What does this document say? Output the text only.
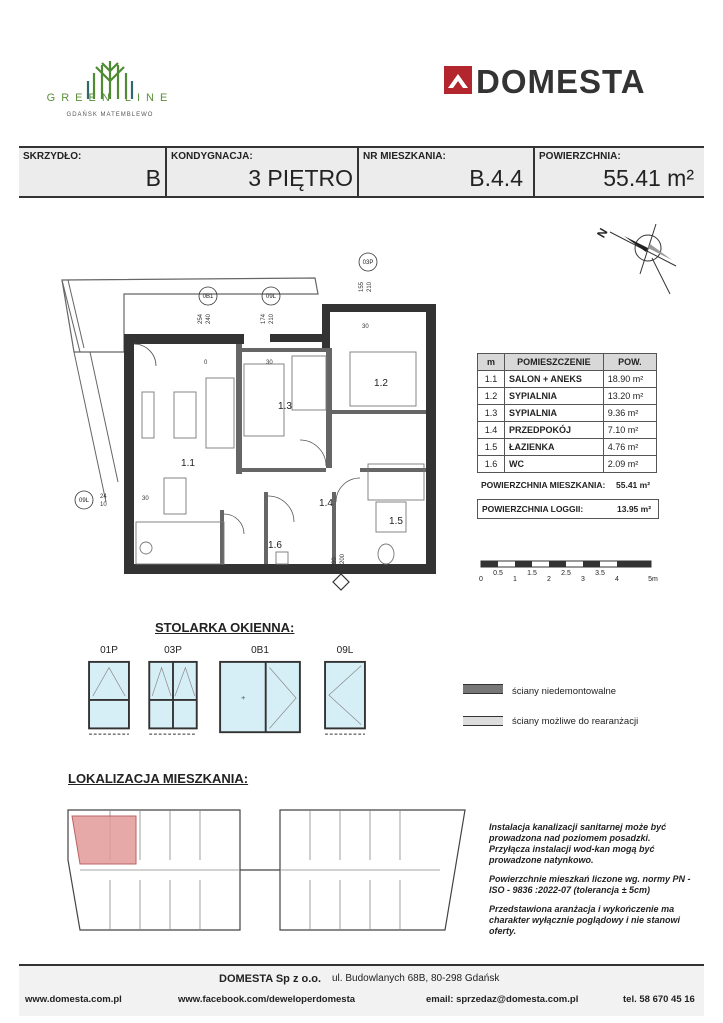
GREEN LINE
GDAŃSK MATEMBLEWO
DOMESTA
SKRZYDŁO:
B
KONDYGNACJA:
3 PIĘTRO
NR MIESZKANIA:
B.4.4
POWIERZCHNIA:
55.41 m²
N
1.1
1.2
1.3
1.4
1.5
1.6
0B1	09L
03P
09L
254 240	174 210
155 210
30
30
30
0
24
10
90 200
m	POMIESZCZENIE	POW.
1.1	SALON + ANEKS	18.90 m²
1.2	SYPIALNIA	13.20 m²
1.3	SYPIALNIA	9.36 m²
1.4	PRZEDPOKÓJ	7.10 m²
1.5	ŁAZIENKA	4.76 m²
1.6	WC	2.09 m²
POWIERZCHNIA MIESZKANIA: 55.41 m²
POWIERZCHNIA LOGGII:	13.95 m²
0
0.5
1
1.5
2
2.5
3
3.5
4	5m
STOLARKA OKIENNA:
01P	03P	0B1	09L
+
ściany niedemontowalne
ściany możliwe do rearanżacji
LOKALIZACJA MIESZKANIA:

Instalacja kanalizacji sanitarnej może być prowadzona nad poziomem posadzki. Przyłącza instalacji wod-kan mogą być prowadzone natynkowo.

Powierzchnie mieszkań liczone wg. normy PN - ISO - 9836 :2022-07 (tolerancja ± 5cm)

Przedstawiona aranżacja i wykończenie ma charakter wyłącznie poglądowy i nie stanowi oferty.

DOMESTA Sp z o.o. ul. Budowlanych 68B, 80-298 Gdańsk
www.domesta.com.pl	www.facebook.com/deweloperdomesta	email: sprzedaz@domesta.com.pl	tel. 58 670 45 16
